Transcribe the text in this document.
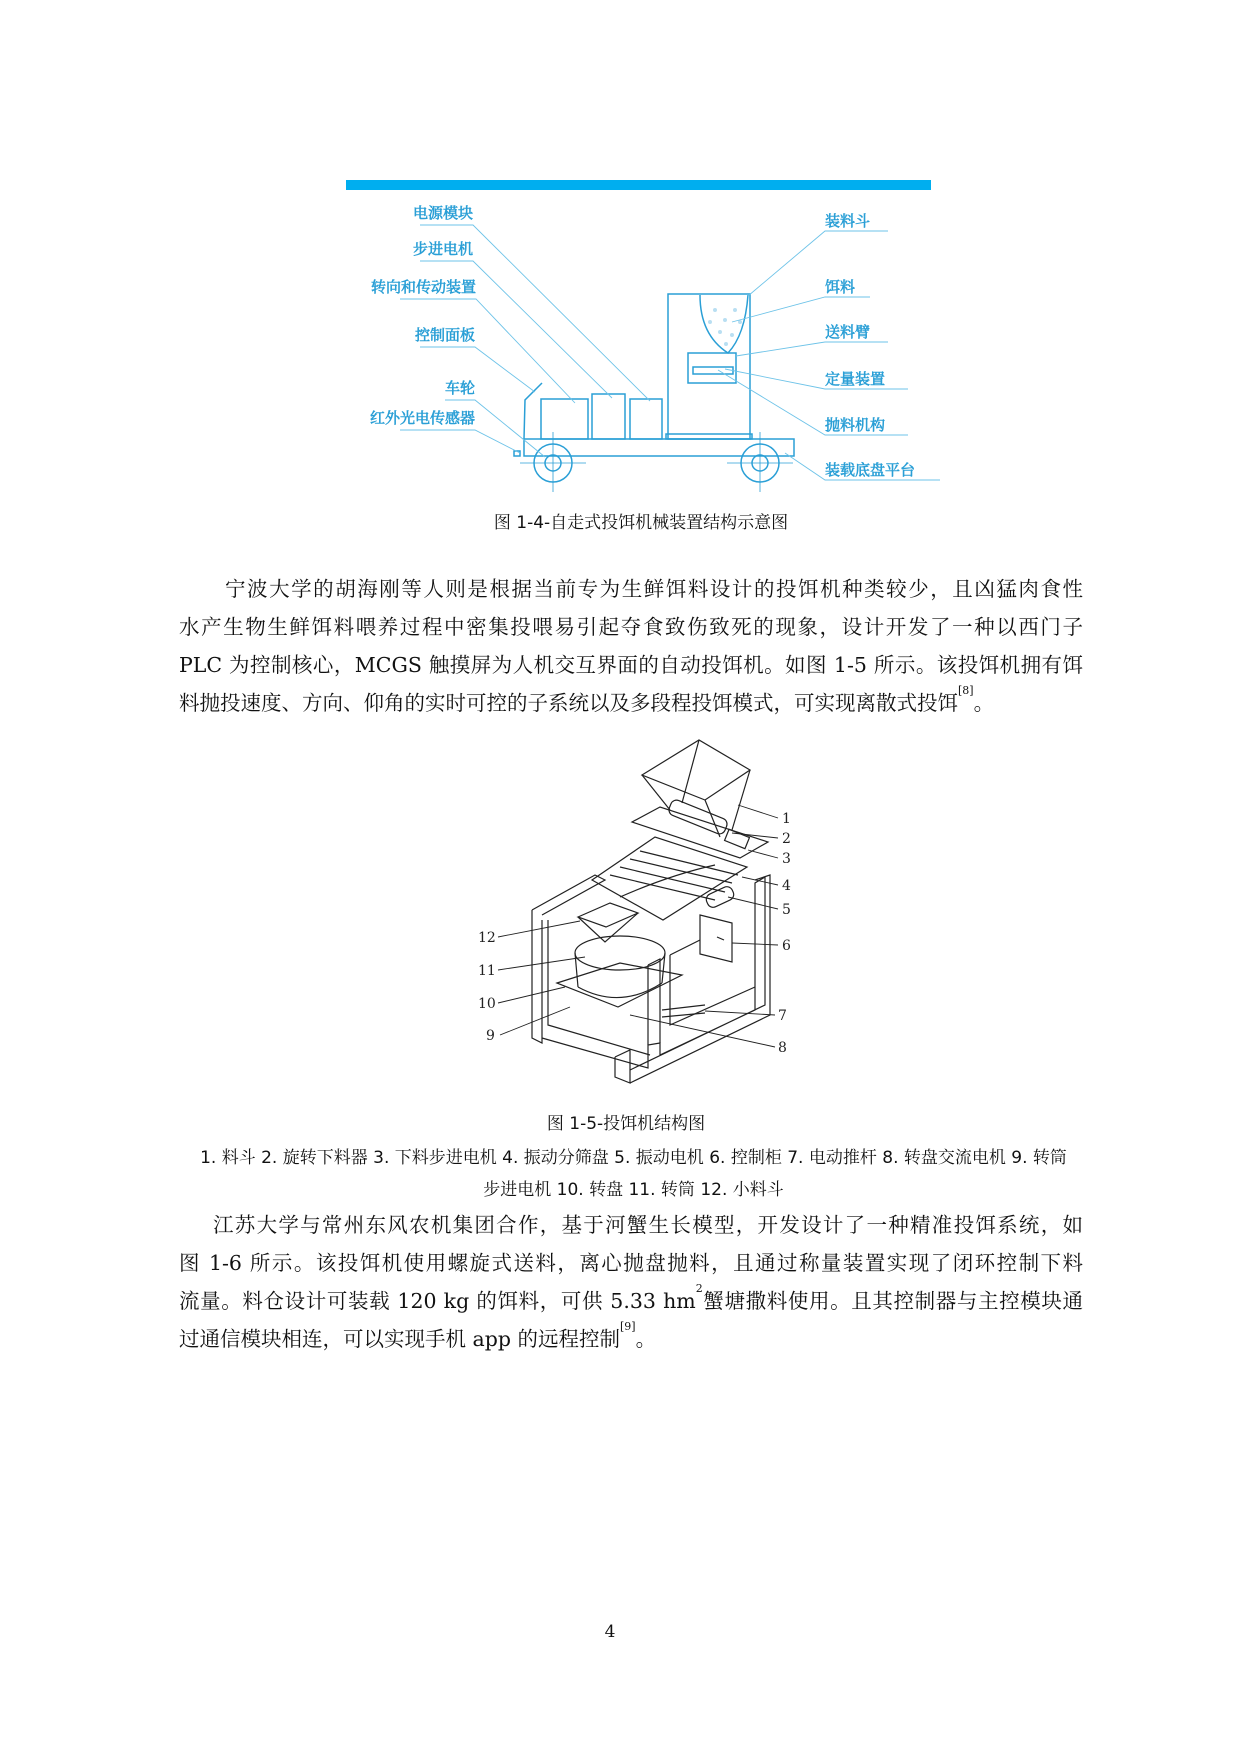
电源模块
步进电机
转向和传动装置
控制面板
车轮
红外光电传感器
装料斗
饵料
送料臂
定量装置
抛料机构
装载底盘平台
图 1-4-自走式投饵机械装置结构示意图
宁波大学的胡海刚等人则是根据当前专为生鲜饵料设计的投饵机种类较少，且凶猛肉食性
水产生物生鲜饵料喂养过程中密集投喂易引起夺食致伤致死的现象，设计开发了一种以西门子
PLC 为控制核心，MCGS 触摸屏为人机交互界面的自动投饵机。如图 1-5 所示。该投饵机拥有饵
料抛投速度、方向、仰角的实时可控的子系统以及多段程投饵模式，可实现离散式投饵[8]。
1
2
3
4
5
6
7
8
9
10
11
12
图 1-5-投饵机结构图
1. 料斗 2. 旋转下料器 3. 下料步进电机 4. 振动分筛盘 5. 振动电机 6. 控制柜 7. 电动推杆 8. 转盘交流电机 9. 转筒
步进电机 10. 转盘 11. 转筒 12. 小料斗
江苏大学与常州东风农机集团合作，基于河蟹生长模型，开发设计了一种精准投饵系统，如
图 1-6 所示。该投饵机使用螺旋式送料，离心抛盘抛料，且通过称量装置实现了闭环控制下料
流量。料仓设计可装载 120 kg 的饵料，可供 5.33 $hm^2$蟹塘撒料使用。且其控制器与主控模块通
过通信模块相连，可以实现手机 app 的远程控制[9]。
4
